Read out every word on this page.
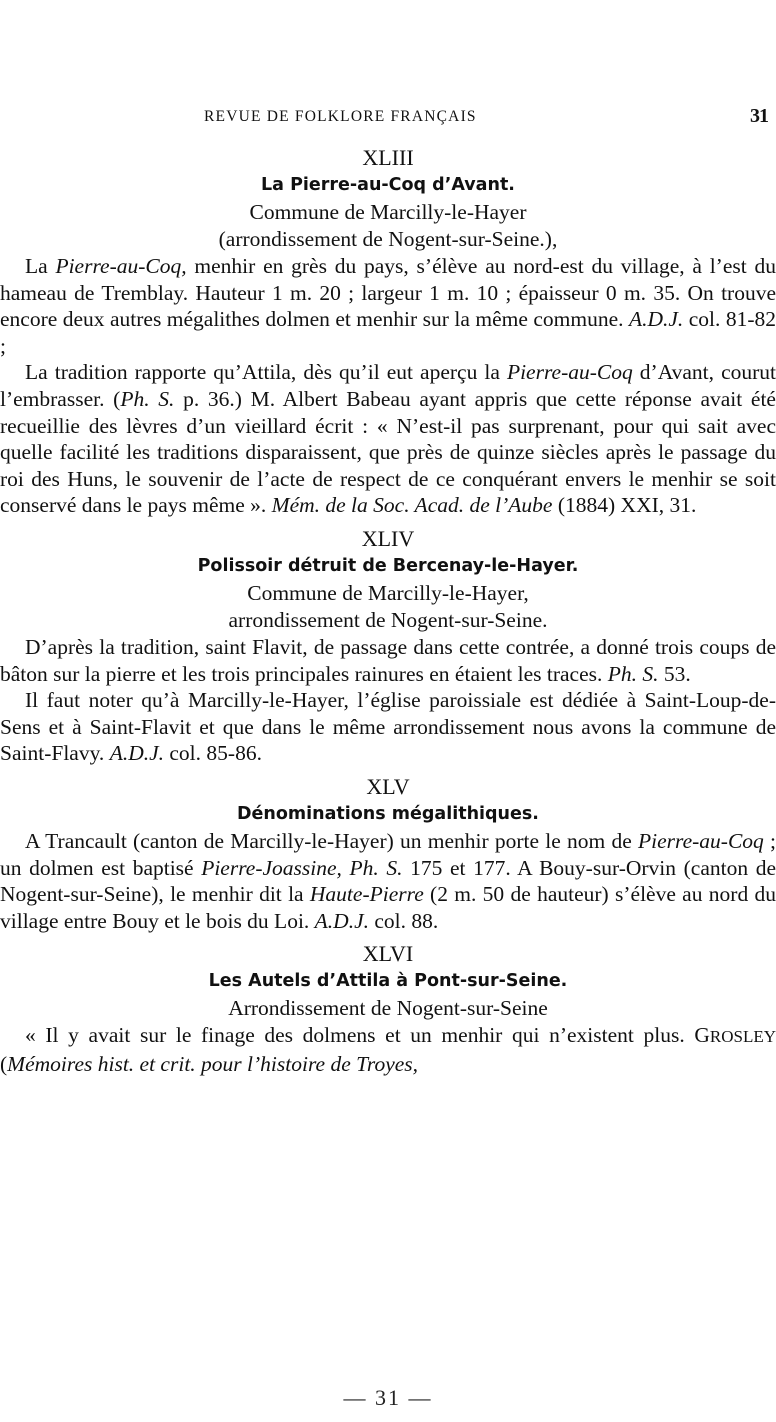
REVUE DE FOLKLORE FRANÇAIS	31

XLIII

La Pierre-au-Coq d’Avant.

Commune de Marcilly-le-Hayer

(arrondissement de Nogent-sur-Seine.),

La Pierre-au-Coq, menhir en grès du pays, s’élève au nord-est du village, à l’est du hameau de Tremblay. Hauteur 1 m. 20 ; largeur 1 m. 10 ; épaisseur 0 m. 35. On trouve encore deux autres mégalithes dolmen et menhir sur la même commune. A.D.J. col. 81-82 ;

La tradition rapporte qu’Attila, dès qu’il eut aperçu la Pierre-au-Coq d’Avant, courut l’embrasser. (Ph. S. p. 36.) M. Albert Babeau ayant appris que cette réponse avait été recueillie des lèvres d’un vieillard écrit : « N’est-il pas surprenant, pour qui sait avec quelle facilité les traditions disparaissent, que près de quinze siècles après le passage du roi des Huns, le souvenir de l’acte de respect de ce conquérant envers le menhir se soit conservé dans le pays même ». Mém. de la Soc. Acad. de l’Aube (1884) XXI, 31.

XLIV

Polissoir détruit de Bercenay-le-Hayer.

Commune de Marcilly-le-Hayer,

arrondissement de Nogent-sur-Seine.

D’après la tradition, saint Flavit, de passage dans cette contrée, a donné trois coups de bâton sur la pierre et les trois principales rainures en étaient les traces. Ph. S. 53.

Il faut noter qu’à Marcilly-le-Hayer, l’église paroissiale est dédiée à Saint-Loup-de-Sens et à Saint-Flavit et que dans le même arrondissement nous avons la commune de Saint-Flavy. A.D.J. col. 85-86.

XLV

Dénominations mégalithiques.

A Trancault (canton de Marcilly-le-Hayer) un menhir porte le nom de Pierre-au-Coq ; un dolmen est baptisé Pierre-Joassine, Ph. S. 175 et 177. A Bouy-sur-Orvin (canton de Nogent-sur-Seine), le menhir dit la Haute-Pierre (2 m. 50 de hauteur) s’élève au nord du village entre Bouy et le bois du Loi. A.D.J. col. 88.

XLVI

Les Autels d’Attila à Pont-sur-Seine.

Arrondissement de Nogent-sur-Seine

« Il y avait sur le finage des dolmens et un menhir qui n’existent plus. GROSLEY (Mémoires hist. et crit. pour l’histoire de Troyes,

— 31 —
